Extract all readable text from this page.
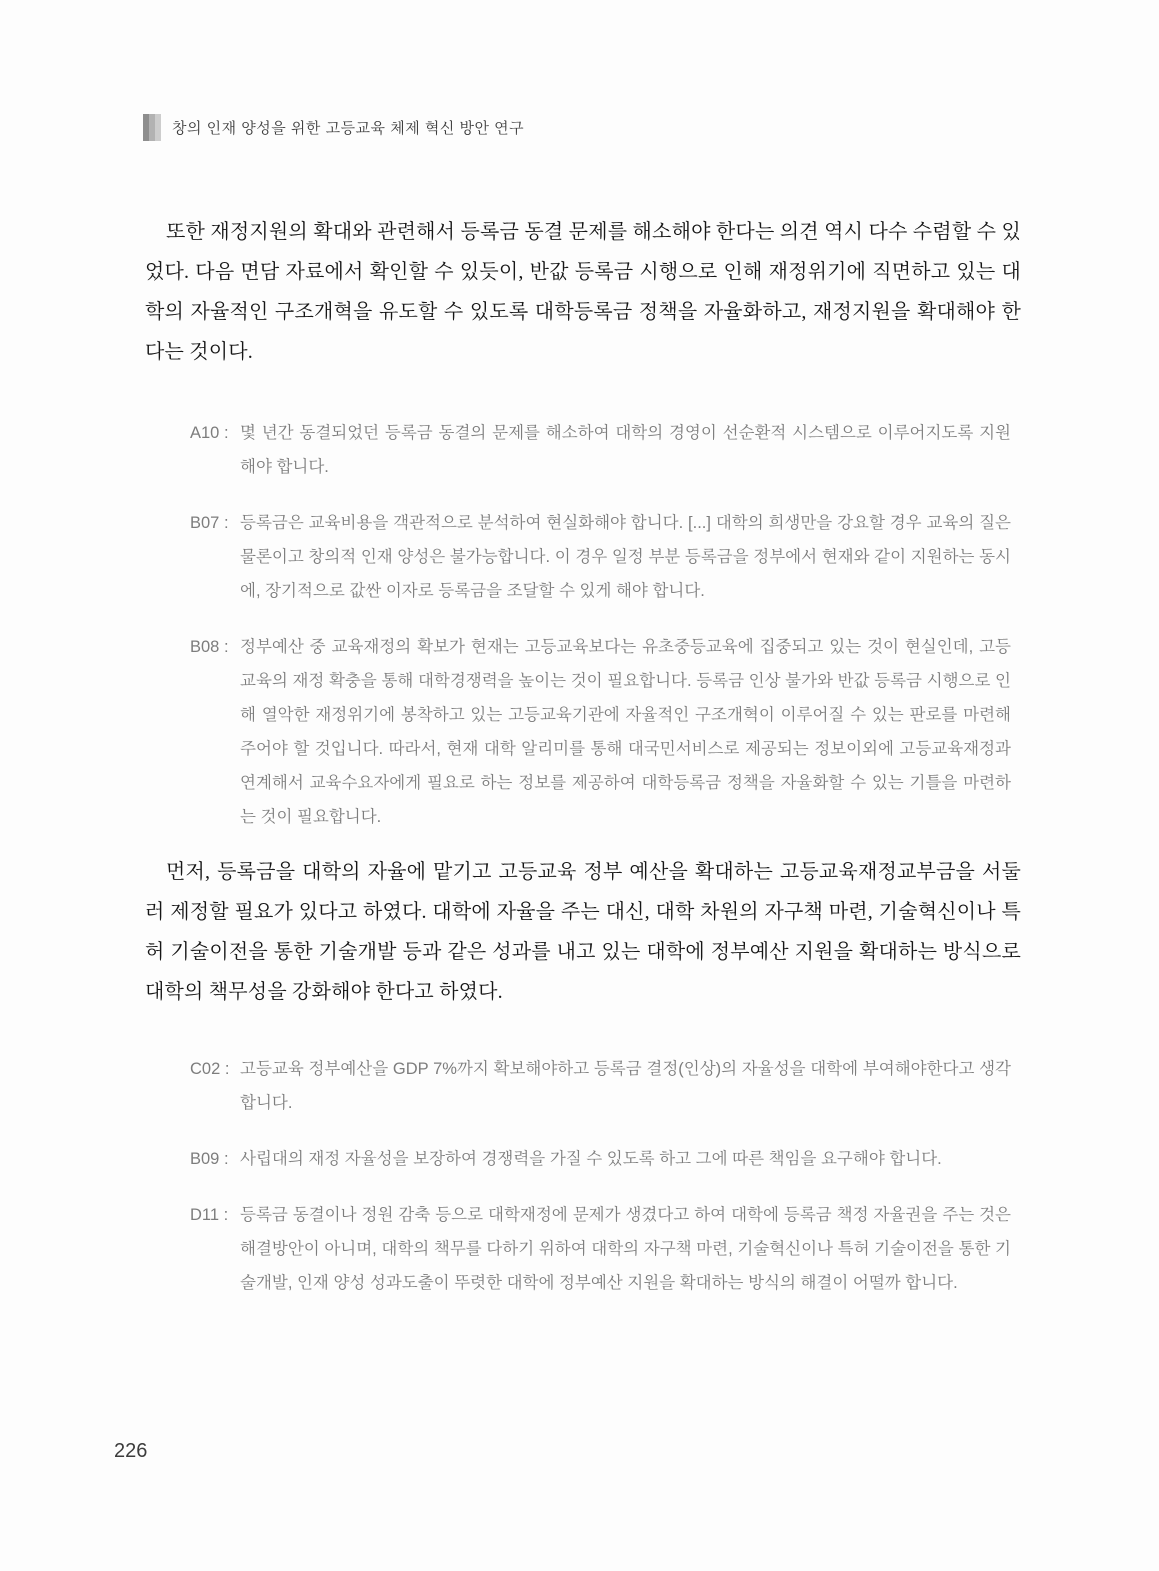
창의 인재 양성을 위한 고등교육 체제 혁신 방안 연구

또한 재정지원의 확대와 관련해서 등록금 동결 문제를 해소해야 한다는 의견 역시 다수 수렴할 수 있었다. 다음 면담 자료에서 확인할 수 있듯이, 반값 등록금 시행으로 인해 재정위기에 직면하고 있는 대학의 자율적인 구조개혁을 유도할 수 있도록 대학등록금 정책을 자율화하고, 재정지원을 확대해야 한다는 것이다.

A10 : 몇 년간 동결되었던 등록금 동결의 문제를 해소하여 대학의 경영이 선순환적 시스템으로 이루어지도록 지원해야 합니다.
B07 : 등록금은 교육비용을 객관적으로 분석하여 현실화해야 합니다. [...] 대학의 희생만을 강요할 경우 교육의 질은 물론이고 창의적 인재 양성은 불가능합니다. 이 경우 일정 부분 등록금을 정부에서 현재와 같이 지원하는 동시에, 장기적으로 값싼 이자로 등록금을 조달할 수 있게 해야 합니다.
B08 : 정부예산 중 교육재정의 확보가 현재는 고등교육보다는 유초중등교육에 집중되고 있는 것이 현실인데, 고등교육의 재정 확충을 통해 대학경쟁력을 높이는 것이 필요합니다. 등록금 인상 불가와 반값 등록금 시행으로 인해 열악한 재정위기에 봉착하고 있는 고등교육기관에 자율적인 구조개혁이 이루어질 수 있는 판로를 마련해주어야 할 것입니다. 따라서, 현재 대학 알리미를 통해 대국민서비스로 제공되는 정보이외에 고등교육재정과 연계해서 교육수요자에게 필요로 하는 정보를 제공하여 대학등록금 정책을 자율화할 수 있는 기틀을 마련하는 것이 필요합니다.

먼저, 등록금을 대학의 자율에 맡기고 고등교육 정부 예산을 확대하는 고등교육재정교부금을 서둘러 제정할 필요가 있다고 하였다. 대학에 자율을 주는 대신, 대학 차원의 자구책 마련, 기술혁신이나 특허 기술이전을 통한 기술개발 등과 같은 성과를 내고 있는 대학에 정부예산 지원을 확대하는 방식으로 대학의 책무성을 강화해야 한다고 하였다.

C02 : 고등교육 정부예산을 GDP 7%까지 확보해야하고 등록금 결정(인상)의 자율성을 대학에 부여해야한다고 생각합니다.
B09 : 사립대의 재정 자율성을 보장하여 경쟁력을 가질 수 있도록 하고 그에 따른 책임을 요구해야 합니다.
D11 : 등록금 동결이나 정원 감축 등으로 대학재정에 문제가 생겼다고 하여 대학에 등록금 책정 자율권을 주는 것은 해결방안이 아니며, 대학의 책무를 다하기 위하여 대학의 자구책 마련, 기술혁신이나 특허 기술이전을 통한 기술개발, 인재 양성 성과도출이 뚜렷한 대학에 정부예산 지원을 확대하는 방식의 해결이 어떨까 합니다.
226
